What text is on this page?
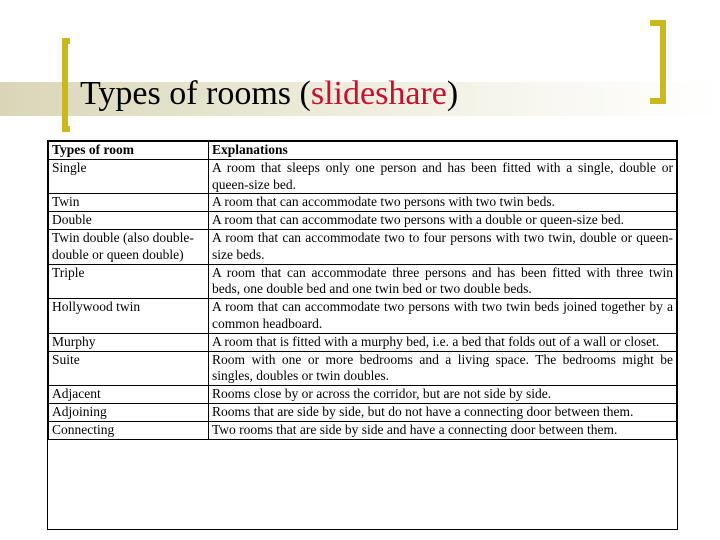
Types of rooms (slideshare)
Types of room	Explanations
Single	A room that sleeps only one person and has been fitted with a single, double or queen-size bed.
Twin	A room that can accommodate two persons with two twin beds.
Double	A room that can accommodate two persons with a double or queen-size bed.
Twin double (also double-double or queen double)	A room that can accommodate two to four persons with two twin, double or queen-size beds.
Triple	A room that can accommodate three persons and has been fitted with three twin beds, one double bed and one twin bed or two double beds.
Hollywood twin	A room that can accommodate two persons with two twin beds joined together by a common headboard.
Murphy	A room that is fitted with a murphy bed, i.e. a bed that folds out of a wall or closet.
Suite	Room with one or more bedrooms and a living space. The bedrooms might be singles, doubles or twin doubles.
Adjacent	Rooms close by or across the corridor, but are not side by side.
Adjoining	Rooms that are side by side, but do not have a connecting door between them.
Connecting	Two rooms that are side by side and have a connecting door between them.
